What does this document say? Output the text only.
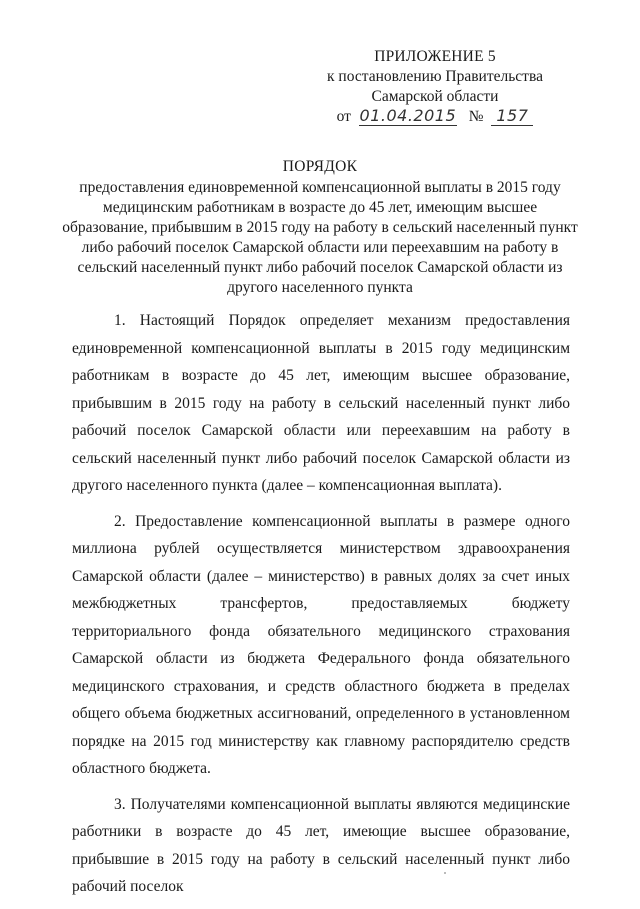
ПРИЛОЖЕНИЕ 5
к постановлению Правительства
Самарской области
от 01.04.2015 № 157
ПОРЯДОК
предоставления единовременной компенсационной выплаты в 2015 году медицинским работникам в возрасте до 45 лет, имеющим высшее образование, прибывшим в 2015 году на работу в сельский населенный пункт либо рабочий поселок Самарской области или переехавшим на работу в сельский населенный пункт либо рабочий поселок Самарской области из другого населенного пункта

1. Настоящий Порядок определяет механизм предоставления единовременной компенсационной выплаты в 2015 году медицинским работникам в возрасте до 45 лет, имеющим высшее образование, прибывшим в 2015 году на работу в сельский населенный пункт либо рабочий поселок Самарской области или переехавшим на работу в сельский населенный пункт либо рабочий поселок Самарской области из другого населенного пункта (далее – компенсационная выплата).

2. Предоставление компенсационной выплаты в размере одного миллиона рублей осуществляется министерством здравоохранения Самарской области (далее – министерство) в равных долях за счет иных межбюджетных трансфертов, предоставляемых бюджету территориального фонда обязательного медицинского страхования Самарской области из бюджета Федерального фонда обязательного медицинского страхования, и средств областного бюджета в пределах общего объема бюджетных ассигнований, определенного в установленном порядке на 2015 год министерству как главному распорядителю средств областного бюджета.

3. Получателями компенсационной выплаты являются медицинские работники в возрасте до 45 лет, имеющие высшее образование, прибывшие в 2015 году на работу в сельский населенный пункт либо рабочий поселок
